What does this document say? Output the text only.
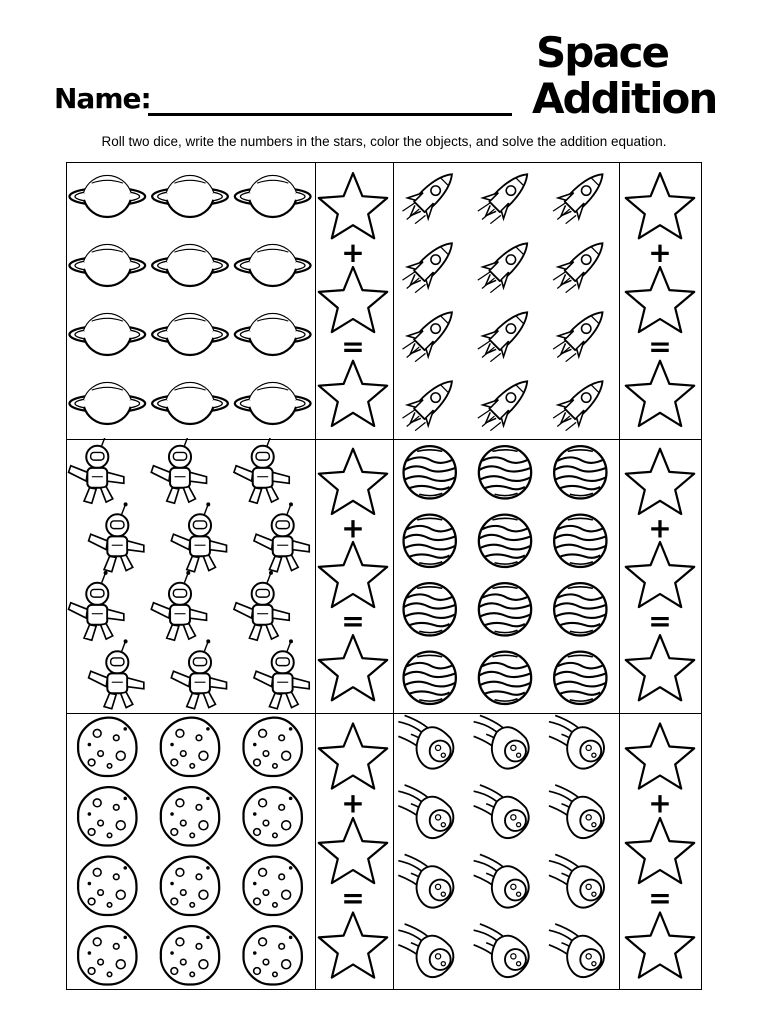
Name:
Space
Addition
Roll two dice, write the numbers in the stars, color the objects, and solve the addition equation.
+
=
+
=
+
=
+
=
+
=
+
=
